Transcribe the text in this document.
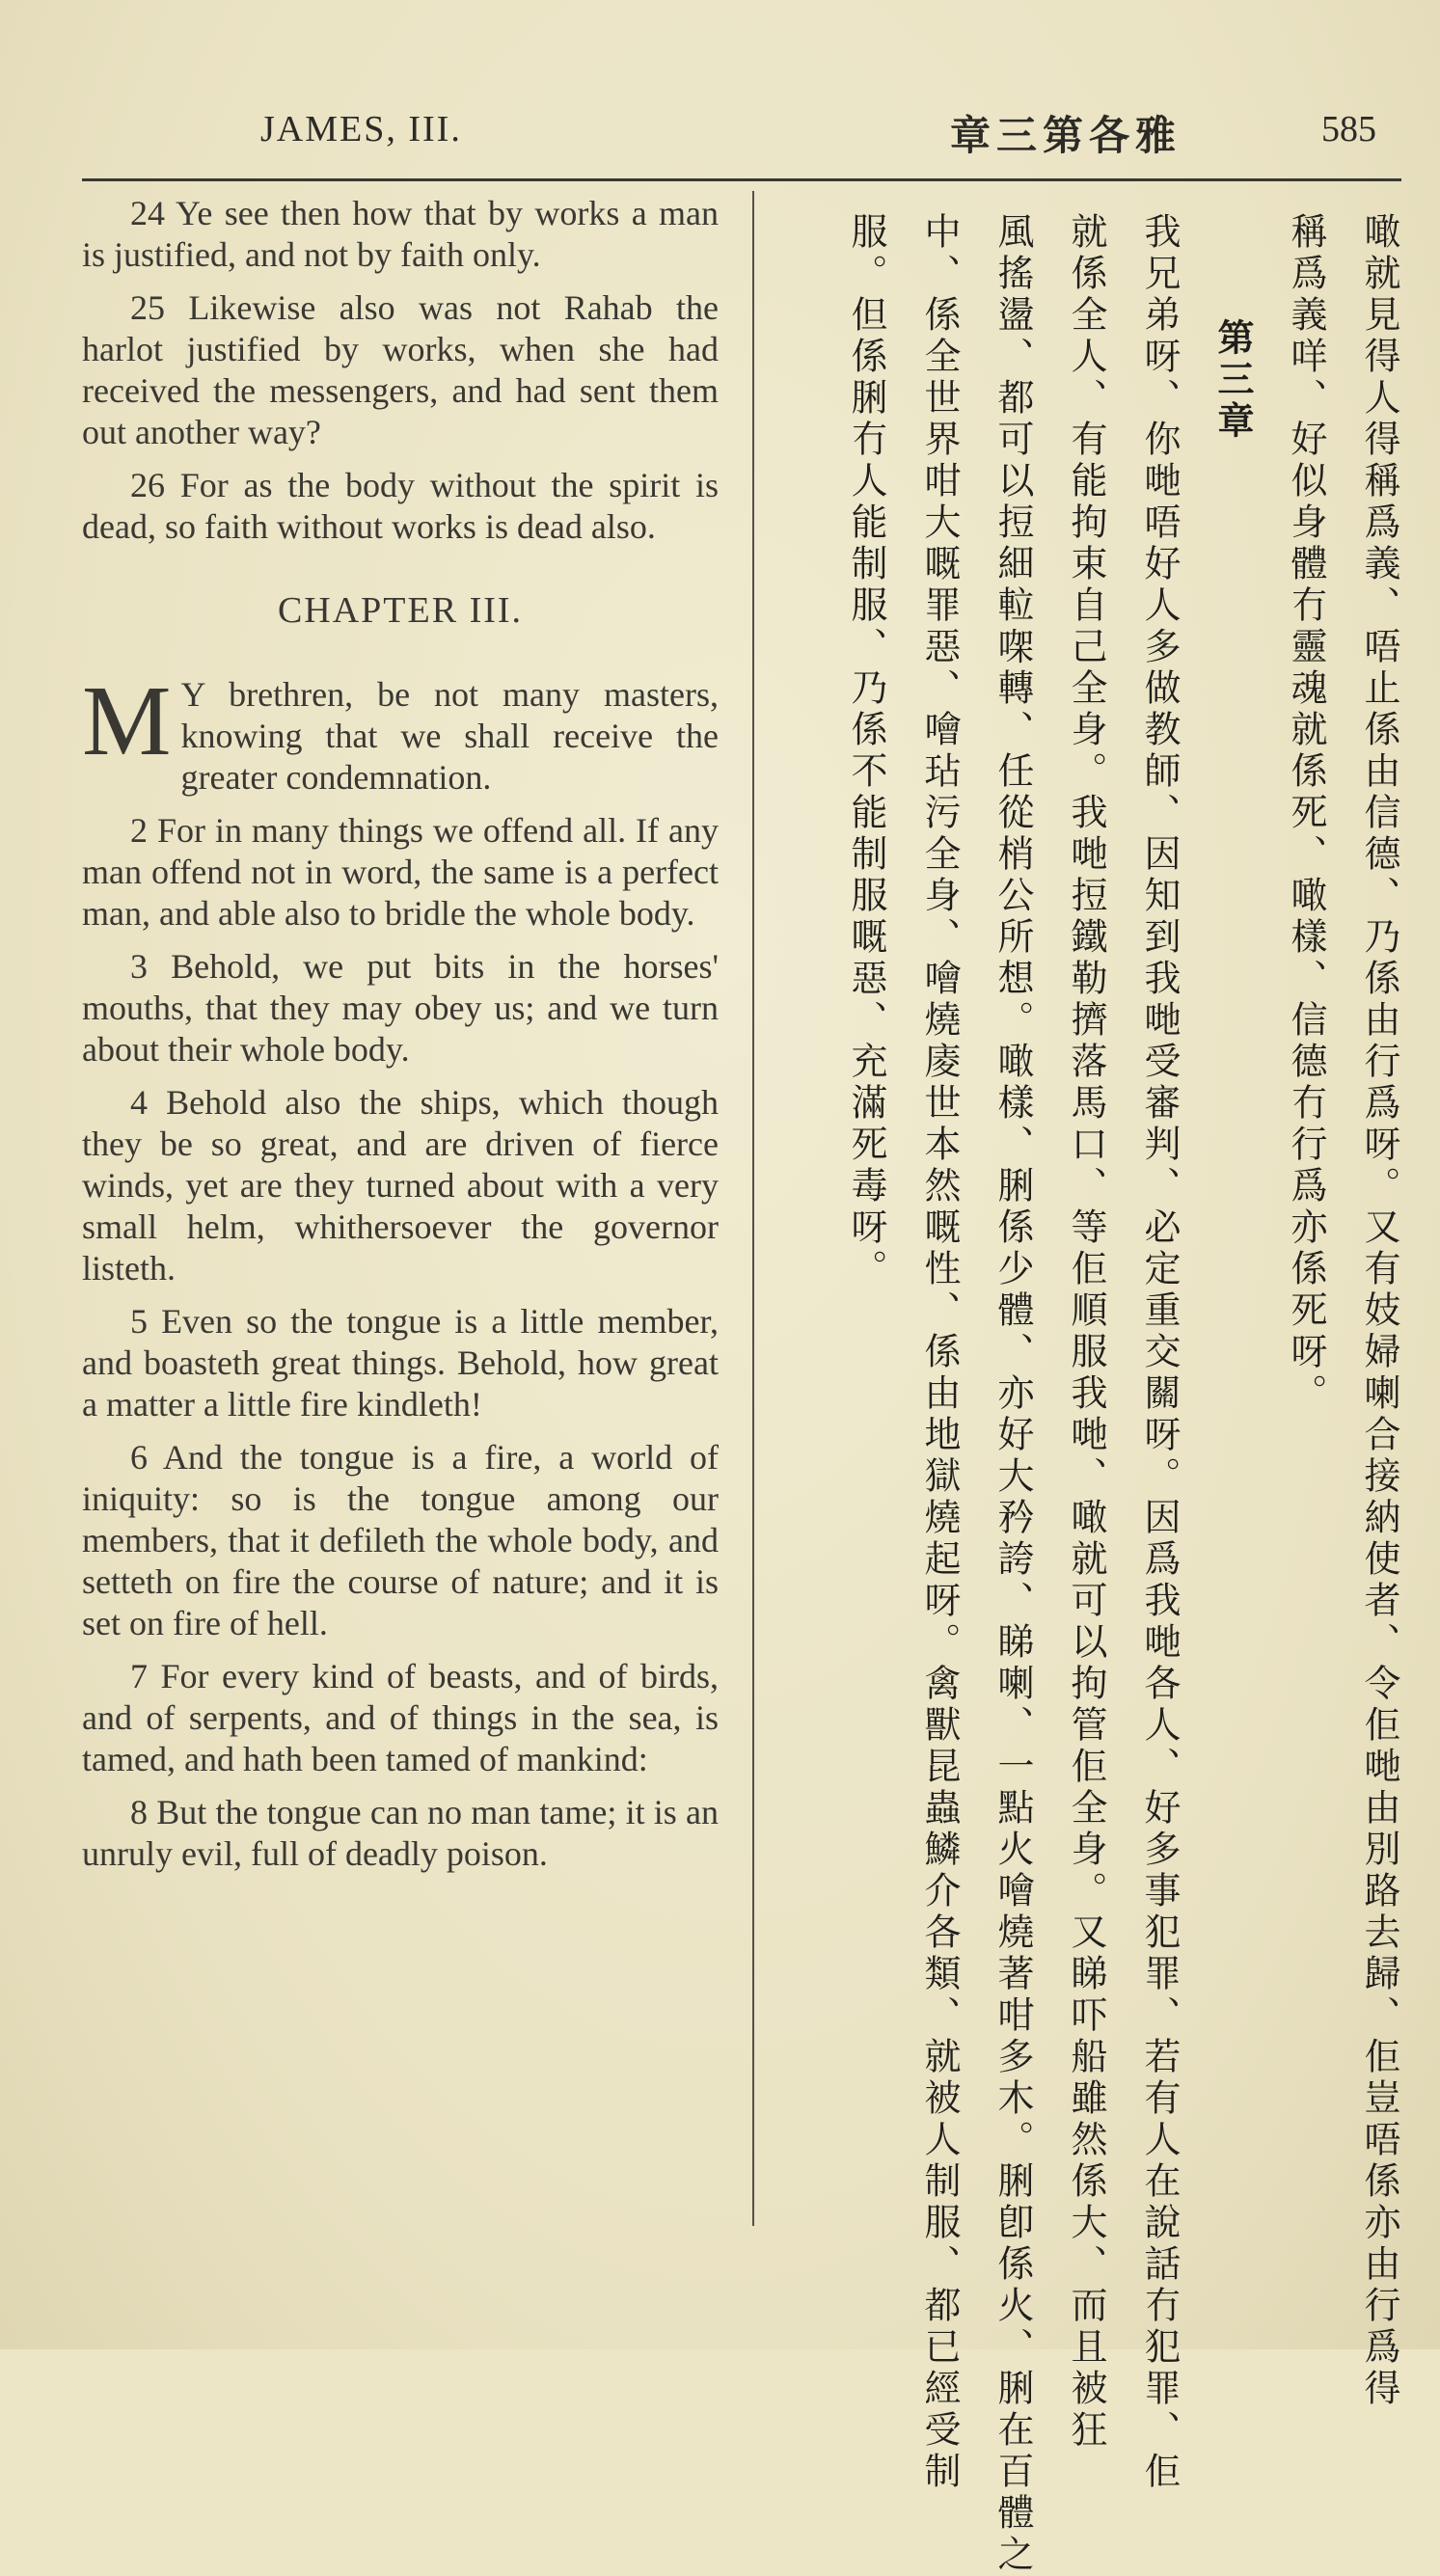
JAMES, III.	章三第各雅	585

24 Ye see then how that by works a man is justified, and not by faith only.

25 Likewise also was not Rahab the harlot justified by works, when she had received the messengers, and had sent them out another way?

26 For as the body without the spirit is dead, so faith without works is dead also.

CHAPTER III.

M Y brethren, be not many masters, knowing that we shall receive the greater condemnation.

2 For in many things we offend all. If any man offend not in word, the same is a perfect man, and able also to bridle the whole body.

3 Behold, we put bits in the horses' mouths, that they may obey us; and we turn about their whole body.

4 Behold also the ships, which though they be so great, and are driven of fierce winds, yet are they turned about with a very small helm, whithersoever the governor listeth.

5 Even so the tongue is a little member, and boasteth great things. Behold, how great a matter a little fire kindleth!

6 And the tongue is a fire, a world of iniquity: so is the tongue among our members, that it defileth the whole body, and setteth on fire the course of nature; and it is set on fire of hell.

7 For every kind of beasts, and of birds, and of serpents, and of things in the sea, is tamed, and hath been tamed of mankind:

8 But the tongue can no man tame; it is an unruly evil, full of deadly poison.	噉就見得人得稱爲義、唔止係由信德、乃係由行爲呀。又有妓婦喇合接納使者、令佢哋由別路去歸、佢豈唔係亦由行爲得
稱爲義咩、好似身體冇靈魂就係死、噉樣、信德冇行爲亦係死呀。
第三章
我兄弟呀、你哋唔好人多做教師、因知到我哋受審判、必定重交關呀。因爲我哋各人、好多事犯罪、若有人在說話冇犯罪、佢
就係全人、有能拘束自己全身。我哋𢭃鐵勒擠落馬口、等佢順服我哋、噉就可以拘管佢全身。又睇吓船雖然係大、而且被狂
風搖盪、都可以𢭃細𨋢㗎轉、任從梢公所想。噉樣、脷係少體、亦好大矜誇、睇喇、一點火噲燒著咁多木。脷卽係火、脷在百體之
中、係全世界咁大嘅罪惡、噲玷污全身、噲燒庱世本然嘅性、係由地獄燒起呀。禽獸昆蟲鱗介各類、就被人制服、都已經受制
服。但係脷冇人能制服、乃係不能制服嘅惡、充滿死毒呀。
